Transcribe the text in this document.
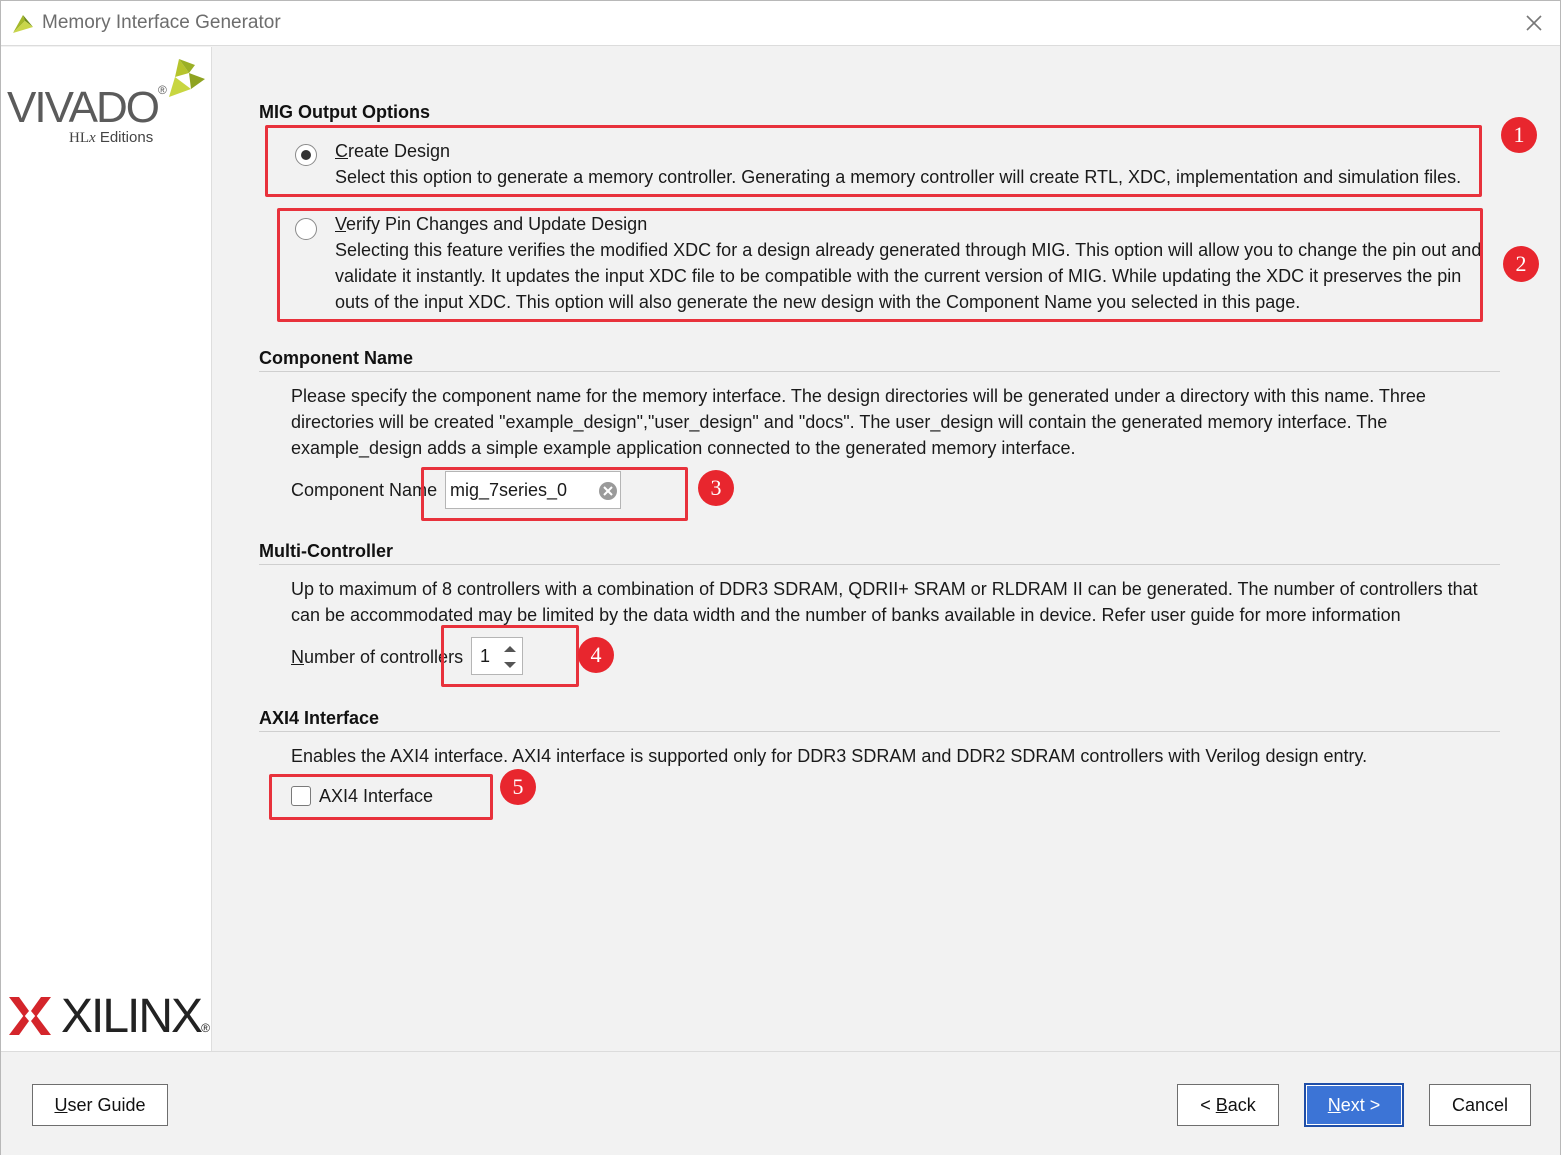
Memory Interface Generator
VIVADO®
HLx Editions
XILINX®
MIG Output Options
Create Design
Select this option to generate a memory controller. Generating a memory controller will create RTL, XDC, implementation and simulation files.
Verify Pin Changes and Update Design
Selecting this feature verifies the modified XDC for a design already generated through MIG. This option will allow you to change the pin out and
validate it instantly. It updates the input XDC file to be compatible with the current version of MIG. While updating the XDC it preserves the pin
outs of the input XDC. This option will also generate the new design with the Component Name you selected in this page.
Component Name
Please specify the component name for the memory interface. The design directories will be generated under a directory with this name. Three
directories will be created "example_design","user_design" and "docs". The user_design will contain the generated memory interface. The
example_design adds a simple example application connected to the generated memory interface.
Component Name mig_7series_0
Multi-Controller
Up to maximum of 8 controllers with a combination of DDR3 SDRAM, QDRII+ SRAM or RLDRAM II can be generated. The number of controllers that
can be accommodated may be limited by the data width and the number of banks available in device. Refer user guide for more information
Number of controllers 1
AXI4 Interface
Enables the AXI4 interface. AXI4 interface is supported only for DDR3 SDRAM and DDR2 SDRAM controllers with Verilog design entry.
AXI4 Interface
1
2
3
4
5
User Guide	< Back	Next >	Cancel
